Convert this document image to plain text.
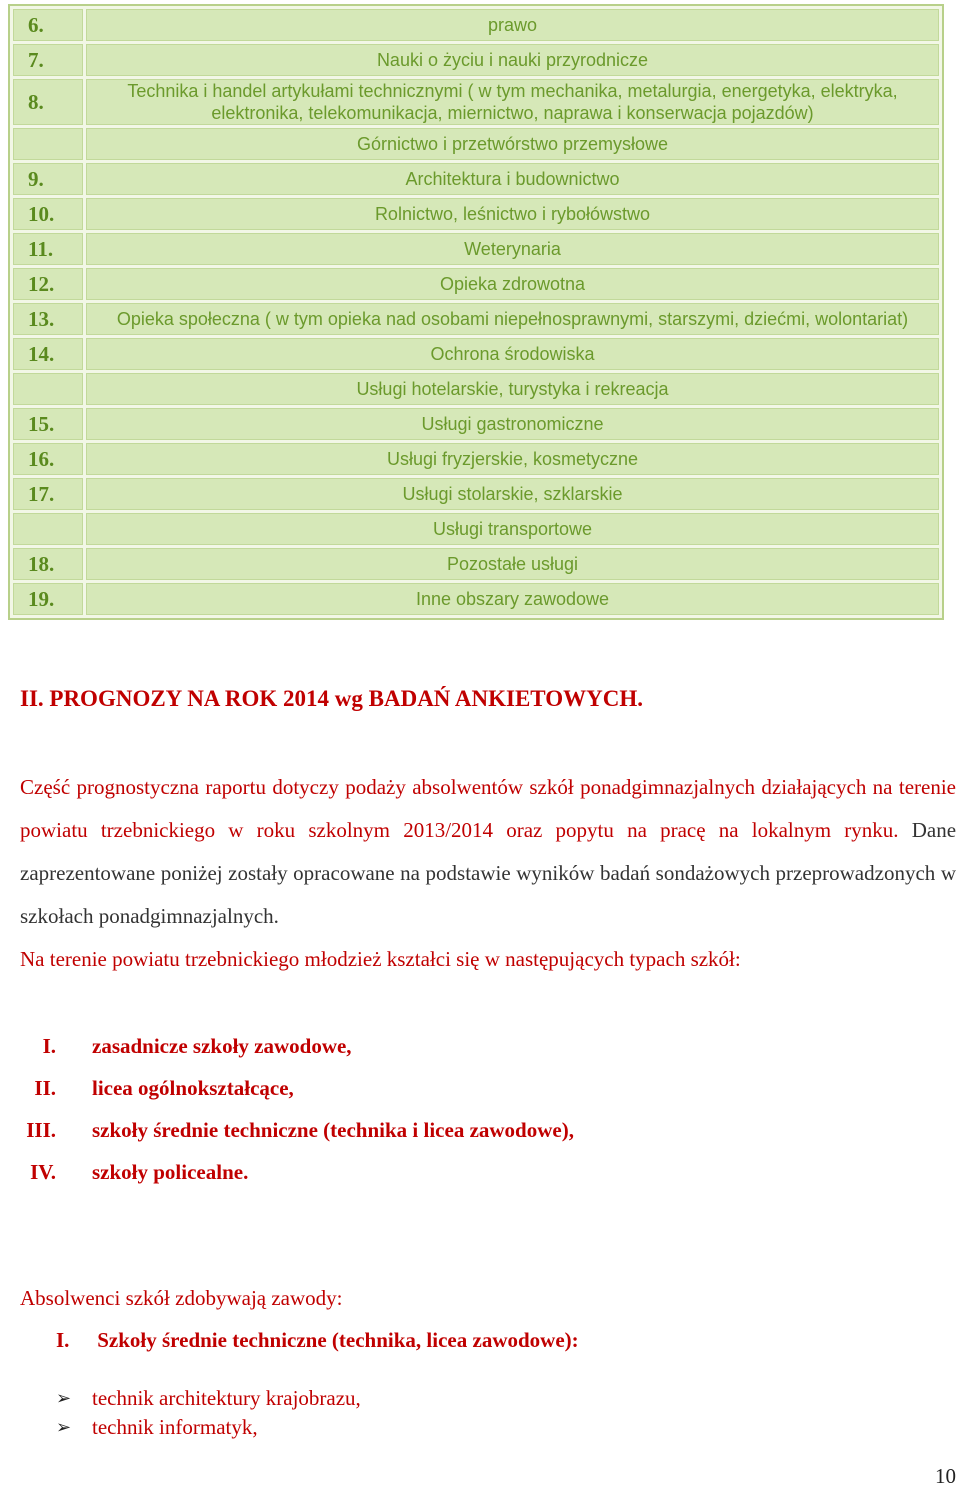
6.	prawo
7.	Nauki o życiu i nauki przyrodnicze
8.	Technika i handel artykułami technicznymi ( w tym mechanika, metalurgia, energetyka, elektryka, elektronika, telekomunikacja, miernictwo, naprawa i konserwacja pojazdów)
	Górnictwo i przetwórstwo przemysłowe
9.	Architektura i budownictwo
10.	Rolnictwo, leśnictwo i rybołówstwo
11.	Weterynaria
12.	Opieka zdrowotna
13.	Opieka społeczna ( w tym opieka nad osobami niepełnosprawnymi, starszymi, dziećmi, wolontariat)
14.	Ochrona środowiska
	Usługi hotelarskie, turystyka i rekreacja
15.	Usługi gastronomiczne
16.	Usługi fryzjerskie, kosmetyczne
17.	Usługi stolarskie, szklarskie
	Usługi transportowe
18.	Pozostałe usługi
19.	Inne obszary zawodowe
II. PROGNOZY NA ROK 2014 wg BADAŃ ANKIETOWYCH.
Część prognostyczna raportu dotyczy podaży absolwentów szkół ponadgimnazjalnych działających na terenie powiatu trzebnickiego w roku szkolnym 2013/2014 oraz popytu na pracę na lokalnym rynku. Dane zaprezentowane poniżej zostały opracowane na podstawie wyników badań sondażowych przeprowadzonych w szkołach ponadgimnazjalnych.
Na terenie powiatu trzebnickiego młodzież kształci się w następujących typach szkół:
I. zasadnicze szkoły zawodowe,
II. licea ogólnokształcące,
III. szkoły średnie techniczne (technika i licea zawodowe),
IV. szkoły policealne.
Absolwenci szkół zdobywają zawody:
I. Szkoły średnie techniczne (technika, licea zawodowe):
➢ technik architektury krajobrazu,
➢ technik informatyk,
10
